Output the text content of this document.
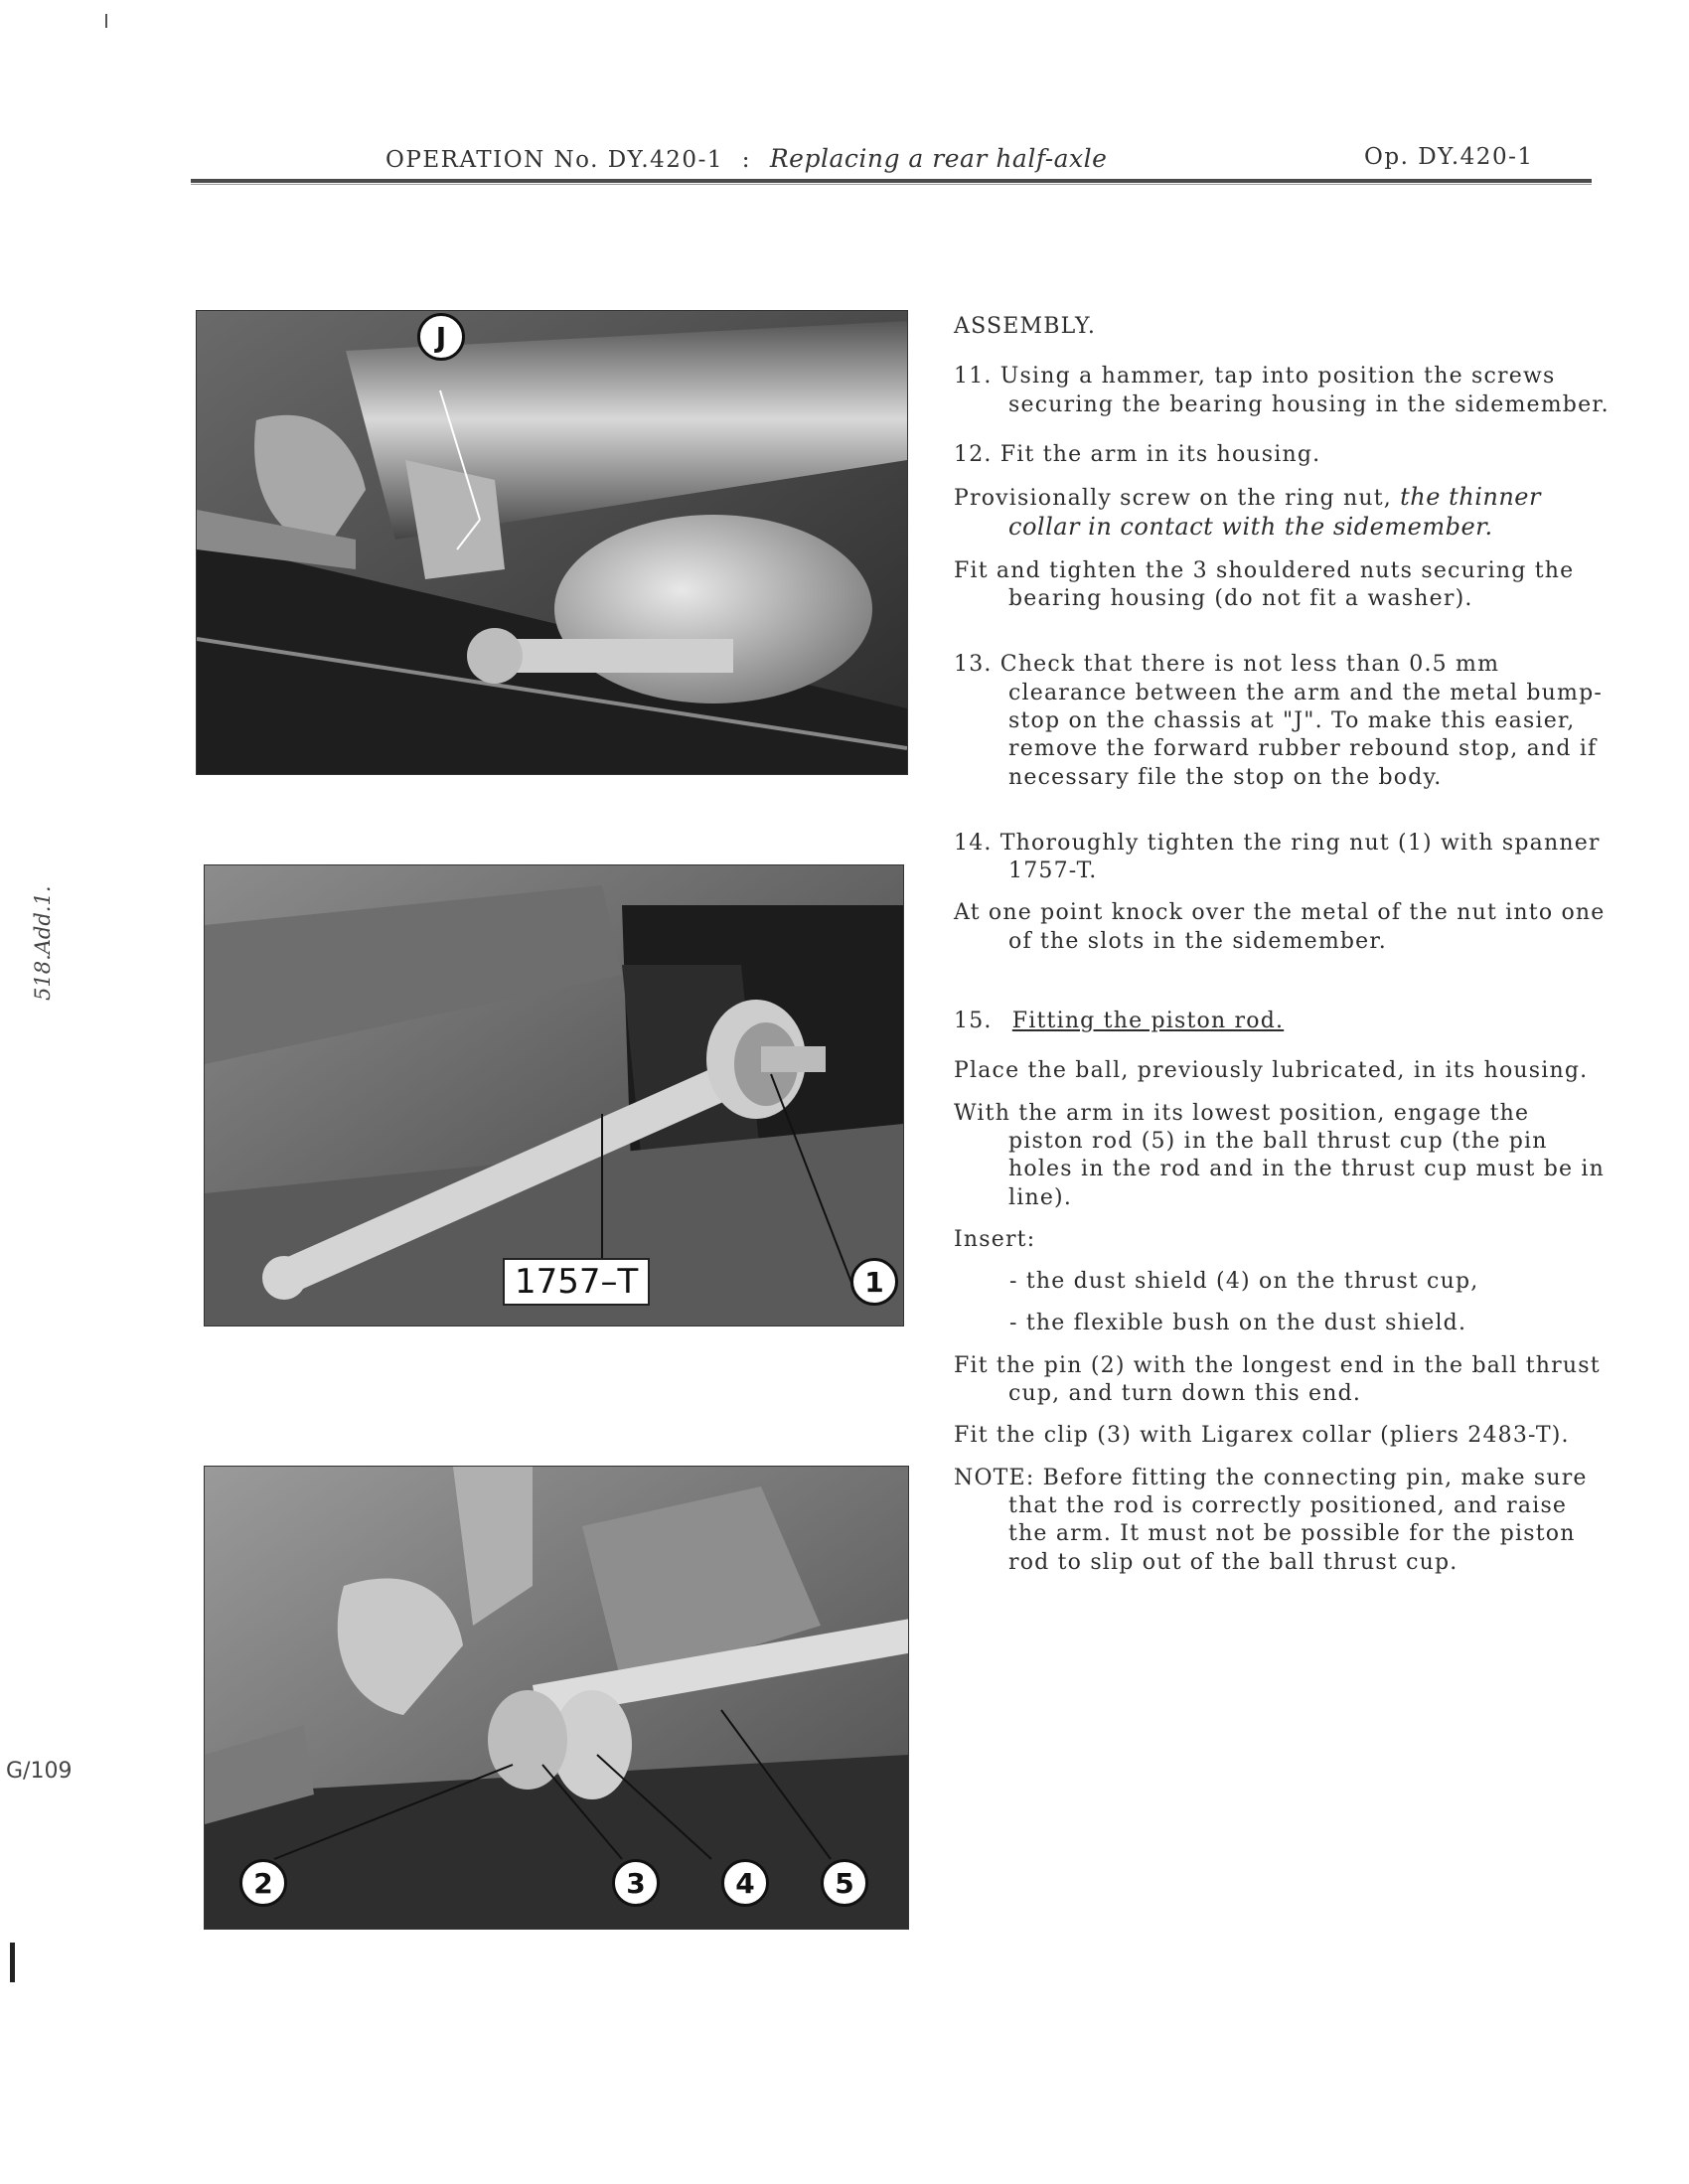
OPERATION No. DY.420-1 : Replacing a rear half-axle	Op. DY.420-1
518.Add.1.
G/109
J
1757–T	1
2	3	4	5

ASSEMBLY.

11. Using a hammer, tap into position the screws securing the bearing housing in the sidemember.

12. Fit the arm in its housing.

Provisionally screw on the ring nut, the thinner collar in contact with the sidemember.

Fit and tighten the 3 shouldered nuts securing the bearing housing (do not fit a washer).

13. Check that there is not less than 0.5 mm clearance between the arm and the metal bump-stop on the chassis at "J". To make this easier, remove the forward rubber rebound stop, and if necessary file the stop on the body.

14. Thoroughly tighten the ring nut (1) with spanner 1757-T.

At one point knock over the metal of the nut into one of the slots in the sidemember.

15. Fitting the piston rod.

Place the ball, previously lubricated, in its housing.

With the arm in its lowest position, engage the piston rod (5) in the ball thrust cup (the pin holes in the rod and in the thrust cup must be in line).

Insert:

- the dust shield (4) on the thrust cup,

- the flexible bush on the dust shield.

Fit the pin (2) with the longest end in the ball thrust cup, and turn down this end.

Fit the clip (3) with Ligarex collar (pliers 2483-T).

NOTE: Before fitting the connecting pin, make sure that the rod is correctly positioned, and raise the arm. It must not be possible for the piston rod to slip out of the ball thrust cup.
